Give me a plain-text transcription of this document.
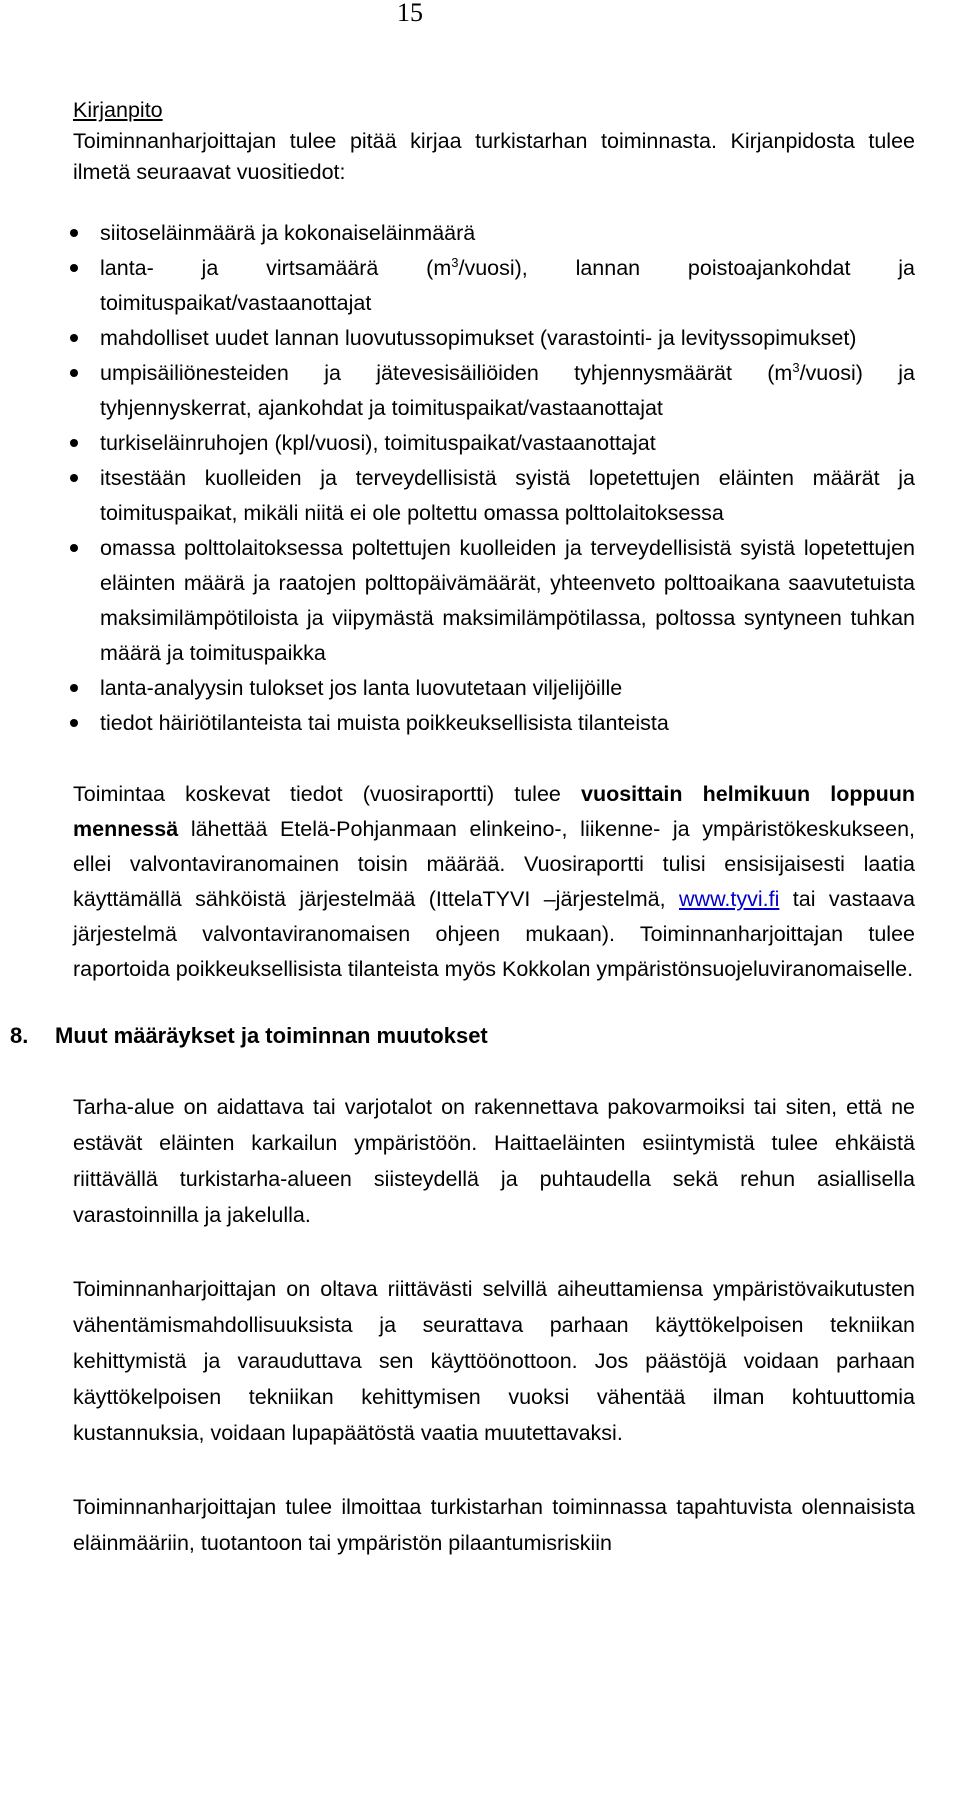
15
Kirjanpito

Toiminnanharjoittajan tulee pitää kirjaa turkistarhan toiminnasta. Kirjanpidosta tulee ilmetä seuraavat vuositiedot:

siitoseläinmäärä ja kokonaiseläinmäärä
lanta- ja virtsamäärä $(m^3/vuosi)$, lannan poistoajankohdat ja toimituspaikat/vastaanottajat
mahdolliset uudet lannan luovutussopimukset (varastointi- ja levityssopimukset)
umpisäiliönesteiden ja jätevesisäiliöiden tyhjennysmäärät $(m^3/vuosi)$ ja tyhjennyskerrat, ajankohdat ja toimituspaikat/vastaanottajat
turkiseläinruhojen (kpl/vuosi), toimituspaikat/vastaanottajat
itsestään kuolleiden ja terveydellisistä syistä lopetettujen eläinten määrät ja toimituspaikat, mikäli niitä ei ole poltettu omassa polttolaitoksessa
omassa polttolaitoksessa poltettujen kuolleiden ja terveydellisistä syistä lopetettujen eläinten määrä ja raatojen polttopäivämäärät, yhteenveto polttoaikana saavutetuista maksimilämpötiloista ja viipymästä maksimilämpötilassa, poltossa syntyneen tuhkan määrä ja toimituspaikka
lanta-analyysin tulokset jos lanta luovutetaan viljelijöille
tiedot häiriötilanteista tai muista poikkeuksellisista tilanteista

Toimintaa koskevat tiedot (vuosiraportti) tulee vuosittain helmikuun loppuun mennessä lähettää Etelä-Pohjanmaan elinkeino-, liikenne- ja ympäristökeskukseen, ellei valvontaviranomainen toisin määrää. Vuosiraportti tulisi ensisijaisesti laatia käyttämällä sähköistä järjestelmää (IttelaTYVI –järjestelmä, www.tyvi.fi tai vastaava järjestelmä valvontaviranomaisen ohjeen mukaan). Toiminnanharjoittajan tulee raportoida poikkeuksellisista tilanteista myös Kokkolan ympäristönsuojeluviranomaiselle.

8. Muut määräykset ja toiminnan muutokset

Tarha-alue on aidattava tai varjotalot on rakennettava pakovarmoiksi tai siten, että ne estävät eläinten karkailun ympäristöön. Haittaeläinten esiintymistä tulee ehkäistä riittävällä turkistarha-alueen siisteydellä ja puhtaudella sekä rehun asiallisella varastoinnilla ja jakelulla.

Toiminnanharjoittajan on oltava riittävästi selvillä aiheuttamiensa ympäristövaikutusten vähentämismahdollisuuksista ja seurattava parhaan käyttökelpoisen tekniikan kehittymistä ja varauduttava sen käyttöönottoon. Jos päästöjä voidaan parhaan käyttökelpoisen tekniikan kehittymisen vuoksi vähentää ilman kohtuuttomia kustannuksia, voidaan lupapäätöstä vaatia muutettavaksi.

Toiminnanharjoittajan tulee ilmoittaa turkistarhan toiminnassa tapahtuvista olennaisista eläinmääriin, tuotantoon tai ympäristön pilaantumisriskiin
